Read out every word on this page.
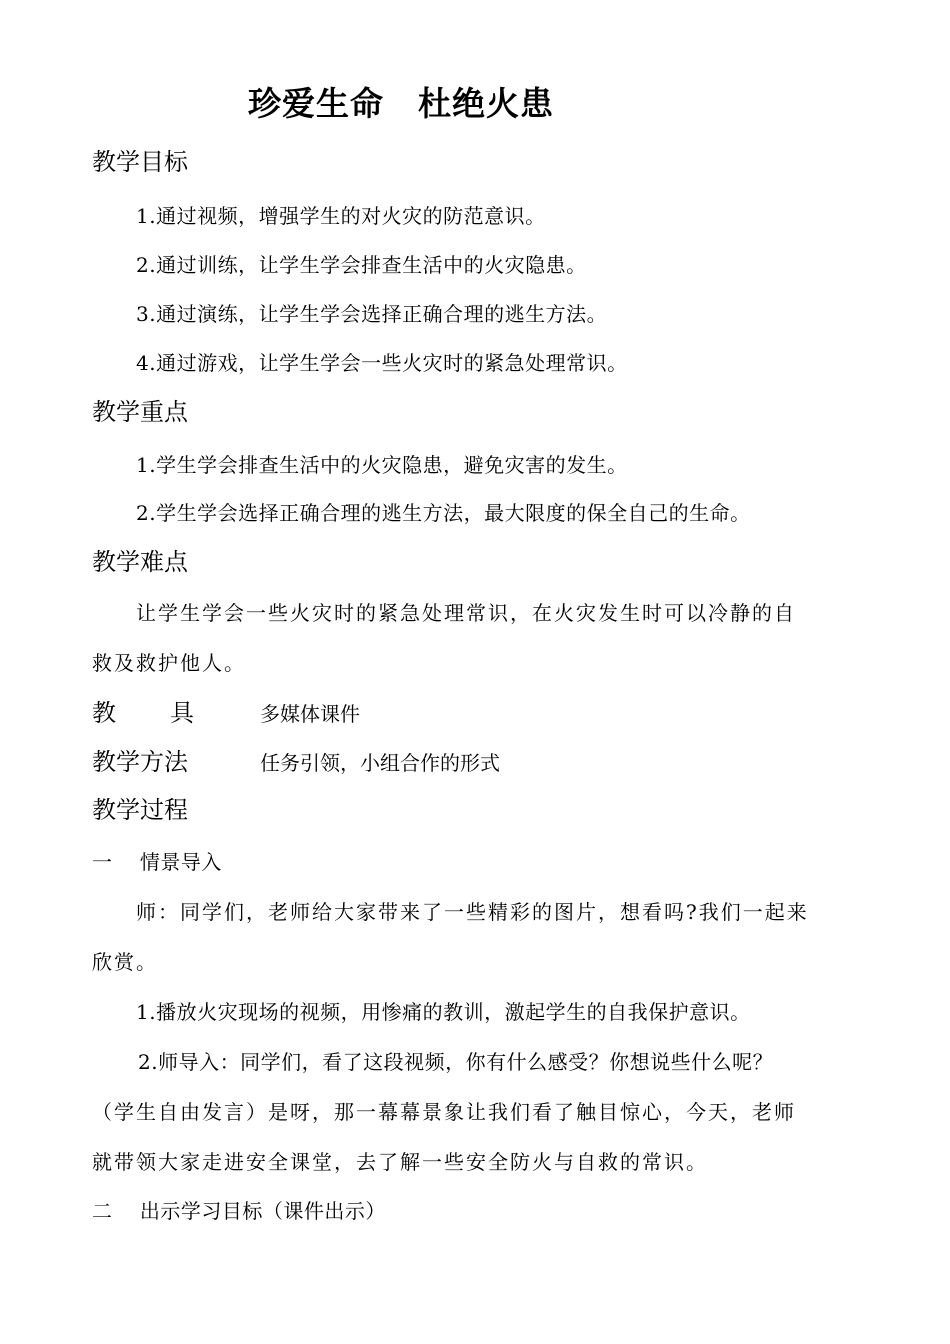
珍爱生命　杜绝火患
教学目标
1.通过视频，增强学生的对火灾的防范意识。
2.通过训练，让学生学会排查生活中的火灾隐患。
3.通过演练，让学生学会选择正确合理的逃生方法。
4.通过游戏，让学生学会一些火灾时的紧急处理常识。
教学重点
1.学生学会排查生活中的火灾隐患，避免灾害的发生。
2.学生学会选择正确合理的逃生方法，最大限度的保全自己的生命。
教学难点
让学生学会一些火灾时的紧急处理常识，在火灾发生时可以冷静的自
救及救护他人。
教 具	多媒体课件
教学方法	任务引领，小组合作的形式
教学过程
一　 情景导入
师：同学们，老师给大家带来了一些精彩的图片，想看吗?我们一起来
欣赏。
1.播放火灾现场的视频，用惨痛的教训，激起学生的自我保护意识。
2.师导入：同学们，看了这段视频，你有什么感受？你想说些什么呢？
（学生自由发言）是呀，那一幕幕景象让我们看了触目惊心，今天，老师
就带领大家走进安全课堂，去了解一些安全防火与自救的常识。
二　 出示学习目标（课件出示）
